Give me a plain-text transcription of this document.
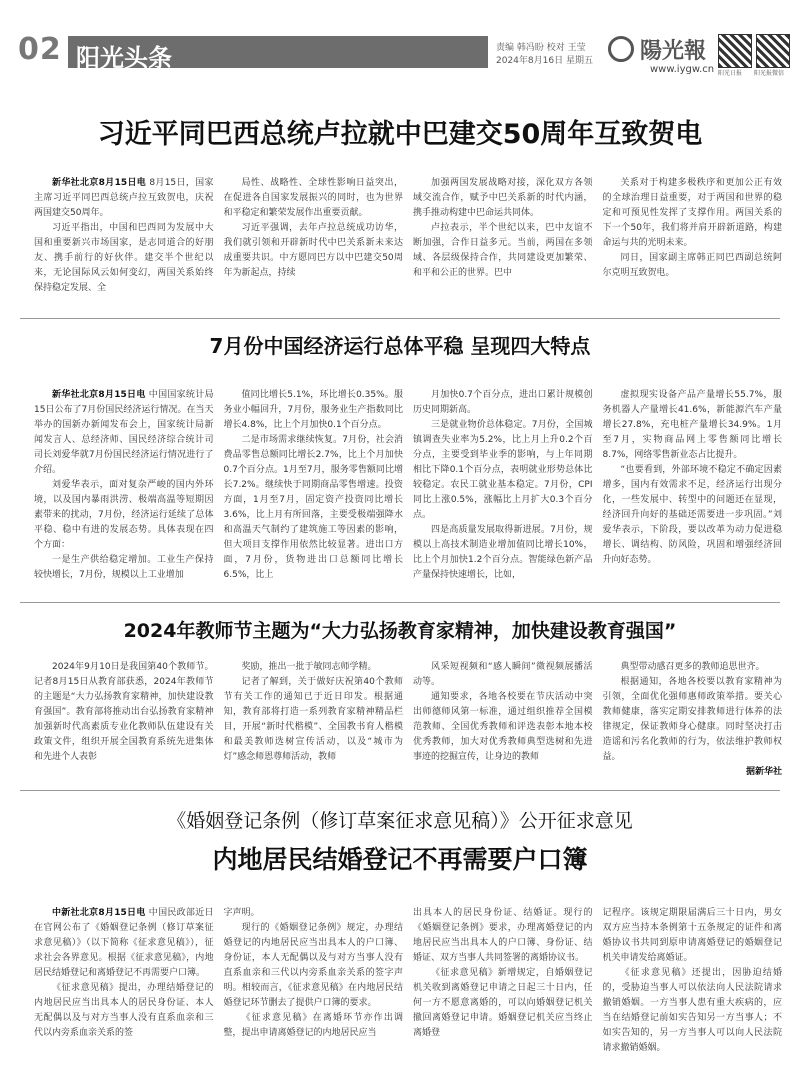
02 阳光头条	责编 韩冯盼 校对 王莹
2024年8月16日 星期五 陽光報
www.iygw.cn 阳光日报 阳光报微信
习近平同巴西总统卢拉就中巴建交50周年互致贺电

新华社北京8月15日电 8月15日，国家主席习近平同巴西总统卢拉互致贺电，庆祝两国建交50周年。

习近平指出，中国和巴西同为发展中大国和重要新兴市场国家，是志同道合的好朋友、携手前行的好伙伴。建交半个世纪以来，无论国际风云如何变幻，两国关系始终保持稳定发展、全

局性、战略性、全球性影响日益突出，在促进各自国家发展振兴的同时，也为世界和平稳定和繁荣发展作出重要贡献。

习近平强调，去年卢拉总统成功访华，我们就引领和开辟新时代中巴关系新未来达成重要共识。中方愿同巴方以中巴建交50周年为新起点，持续

加强两国发展战略对接，深化双方各领域交流合作，赋予中巴关系新的时代内涵，携手推动构建中巴命运共同体。

卢拉表示，半个世纪以来，巴中友谊不断加强，合作日益多元。当前，两国在多领域、各层级保持合作，共同建设更加繁荣、和平和公正的世界。巴中

关系对于构建多极秩序和更加公正有效的全球治理日益重要，对于两国和世界的稳定和可预见性发挥了支撑作用。两国关系的下一个50年，我们将并肩开辟新道路，构建命运与共的光明未来。

同日，国家副主席韩正同巴西副总统阿尔克明互致贺电。

7月份中国经济运行总体平稳 呈现四大特点

新华社北京8月15日电 中国国家统计局15日公布了7月份国民经济运行情况。在当天举办的国新办新闻发布会上，国家统计局新闻发言人、总经济师、国民经济综合统计司司长刘爱华就7月份国民经济运行情况进行了介绍。

刘爱华表示，面对复杂严峻的国内外环境，以及国内暴雨洪涝、极端高温等短期因素带来的扰动，7月份，经济运行延续了总体平稳、稳中有进的发展态势。具体表现在四个方面：

一是生产供给稳定增加。工业生产保持较快增长，7月份，规模以上工业增加

值同比增长5.1%，环比增长0.35%。服务业小幅回升，7月份，服务业生产指数同比增长4.8%，比上个月加快0.1个百分点。

二是市场需求继续恢复。7月份，社会消费品零售总额同比增长2.7%，比上个月加快0.7个百分点。1月至7月，服务零售额同比增长7.2%。继续快于同期商品零售增速。投资方面，1月至7月，固定资产投资同比增长3.6%，比上月有所回落，主要受极端强降水和高温天气制约了建筑施工等因素的影响，但大项目支撑作用依然比较显著。进出口方面，7月份，货物进出口总额同比增长6.5%，比上

月加快0.7个百分点，进出口累计规模创历史同期新高。

三是就业物价总体稳定。7月份，全国城镇调查失业率为5.2%，比上月上升0.2个百分点，主要受到毕业季的影响，与上年同期相比下降0.1个百分点，表明就业形势总体比较稳定。农民工就业基本稳定。7月份，CPI同比上涨0.5%，涨幅比上月扩大0.3个百分点。

四是高质量发展取得新进展。7月份，规模以上高技术制造业增加值同比增长10%，比上个月加快1.2个百分点。智能绿色新产品产量保持快速增长，比如，

虚拟现实设备产品产量增长55.7%，服务机器人产量增长41.6%，新能源汽车产量增长27.8%，充电桩产量增长34.9%。1月至7月，实物商品网上零售额同比增长8.7%，网络零售新业态占比提升。

“也要看到，外部环境不稳定不确定因素增多，国内有效需求不足，经济运行出现分化，一些发展中、转型中的问题还在显现，经济回升向好的基础还需要进一步巩固。”刘爱华表示，下阶段，要以改革为动力促进稳增长、调结构、防风险，巩固和增强经济回升向好态势。

2024年教师节主题为“大力弘扬教育家精神，加快建设教育强国”

2024年9月10日是我国第40个教师节。记者8月15日从教育部获悉，2024年教师节的主题是“大力弘扬教育家精神，加快建设教育强国”。教育部将推动出台弘扬教育家精神加强新时代高素质专业化教师队伍建设有关政策文件，组织开展全国教育系统先进集体和先进个人表彰

奖励，推出一批于敏同志师学精。

记者了解到，关于做好庆祝第40个教师节有关工作的通知已于近日印发。根据通知，教育部将打造一系列教育家精神精品栏目，开展“新时代楷模”、全国教书育人楷模和最美教师选树宣传活动，以及“城市为灯”感念师恩尊师活动，教师

风采短视频和“感人瞬间”微视频展播活动等。

通知要求，各地各校要在节庆活动中突出师德师风第一标准，通过组织推荐全国模范教师、全国优秀教师和评选表彰本地本校优秀教师，加大对优秀教师典型选树和先进事迹的挖掘宣传，让身边的教师

典型带动感召更多的教师追思世齐。

根据通知，各地各校要以教育家精神为引领，全面优化强师惠师政策举措。要关心教师健康，落实定期安排教师进行体养的法律规定，保证教师身心健康。同时坚决打击造谣和污名化教师的行为，依法维护教师权益。

据新华社

《婚姻登记条例（修订草案征求意见稿）》公开征求意见
内地居民结婚登记不再需要户口簿

中新社北京8月15日电 中国民政部近日在官网公布了《婚姻登记条例（修订草案征求意见稿）》（以下简称《征求意见稿》），征求社会各界意见。根据《征求意见稿》，内地居民结婚登记和离婚登记不再需要户口簿。

《征求意见稿》提出，办理结婚登记的内地居民应当出具本人的居民身份证、本人无配偶以及与对方当事人没有直系血亲和三代以内旁系血亲关系的签

字声明。

现行的《婚姻登记条例》规定，办理结婚登记的内地居民应当出具本人的户口簿、身份证，本人无配偶以及与对方当事人没有直系血亲和三代以内旁系血亲关系的签字声明。相较而言，《征求意见稿》在内地居民结婚登记环节删去了提供户口簿的要求。

《征求意见稿》在离婚环节亦作出调整，提出申请离婚登记的内地居民应当

出具本人的居民身份证、结婚证。现行的《婚姻登记条例》要求，办理离婚登记的内地居民应当出具本人的户口簿、身份证、结婚证、双方当事人共同签署的离婚协议书。

《征求意见稿》新增规定，自婚姻登记机关收到离婚登记申请之日起三十日内，任何一方不愿意离婚的，可以向婚姻登记机关撤回离婚登记申请。婚姻登记机关应当终止离婚登

记程序。该规定期限届满后三十日内，男女双方应当持本条例第十五条规定的证件和离婚协议书共同到原申请离婚登记的婚姻登记机关申请发给离婚证。

《征求意见稿》还提出，因胁迫结婚的，受胁迫当事人可以依法向人民法院请求撤销婚姻。一方当事人患有重大疾病的，应当在结婚登记前如实告知另一方当事人；不如实告知的，另一方当事人可以向人民法院请求撤销婚姻。
